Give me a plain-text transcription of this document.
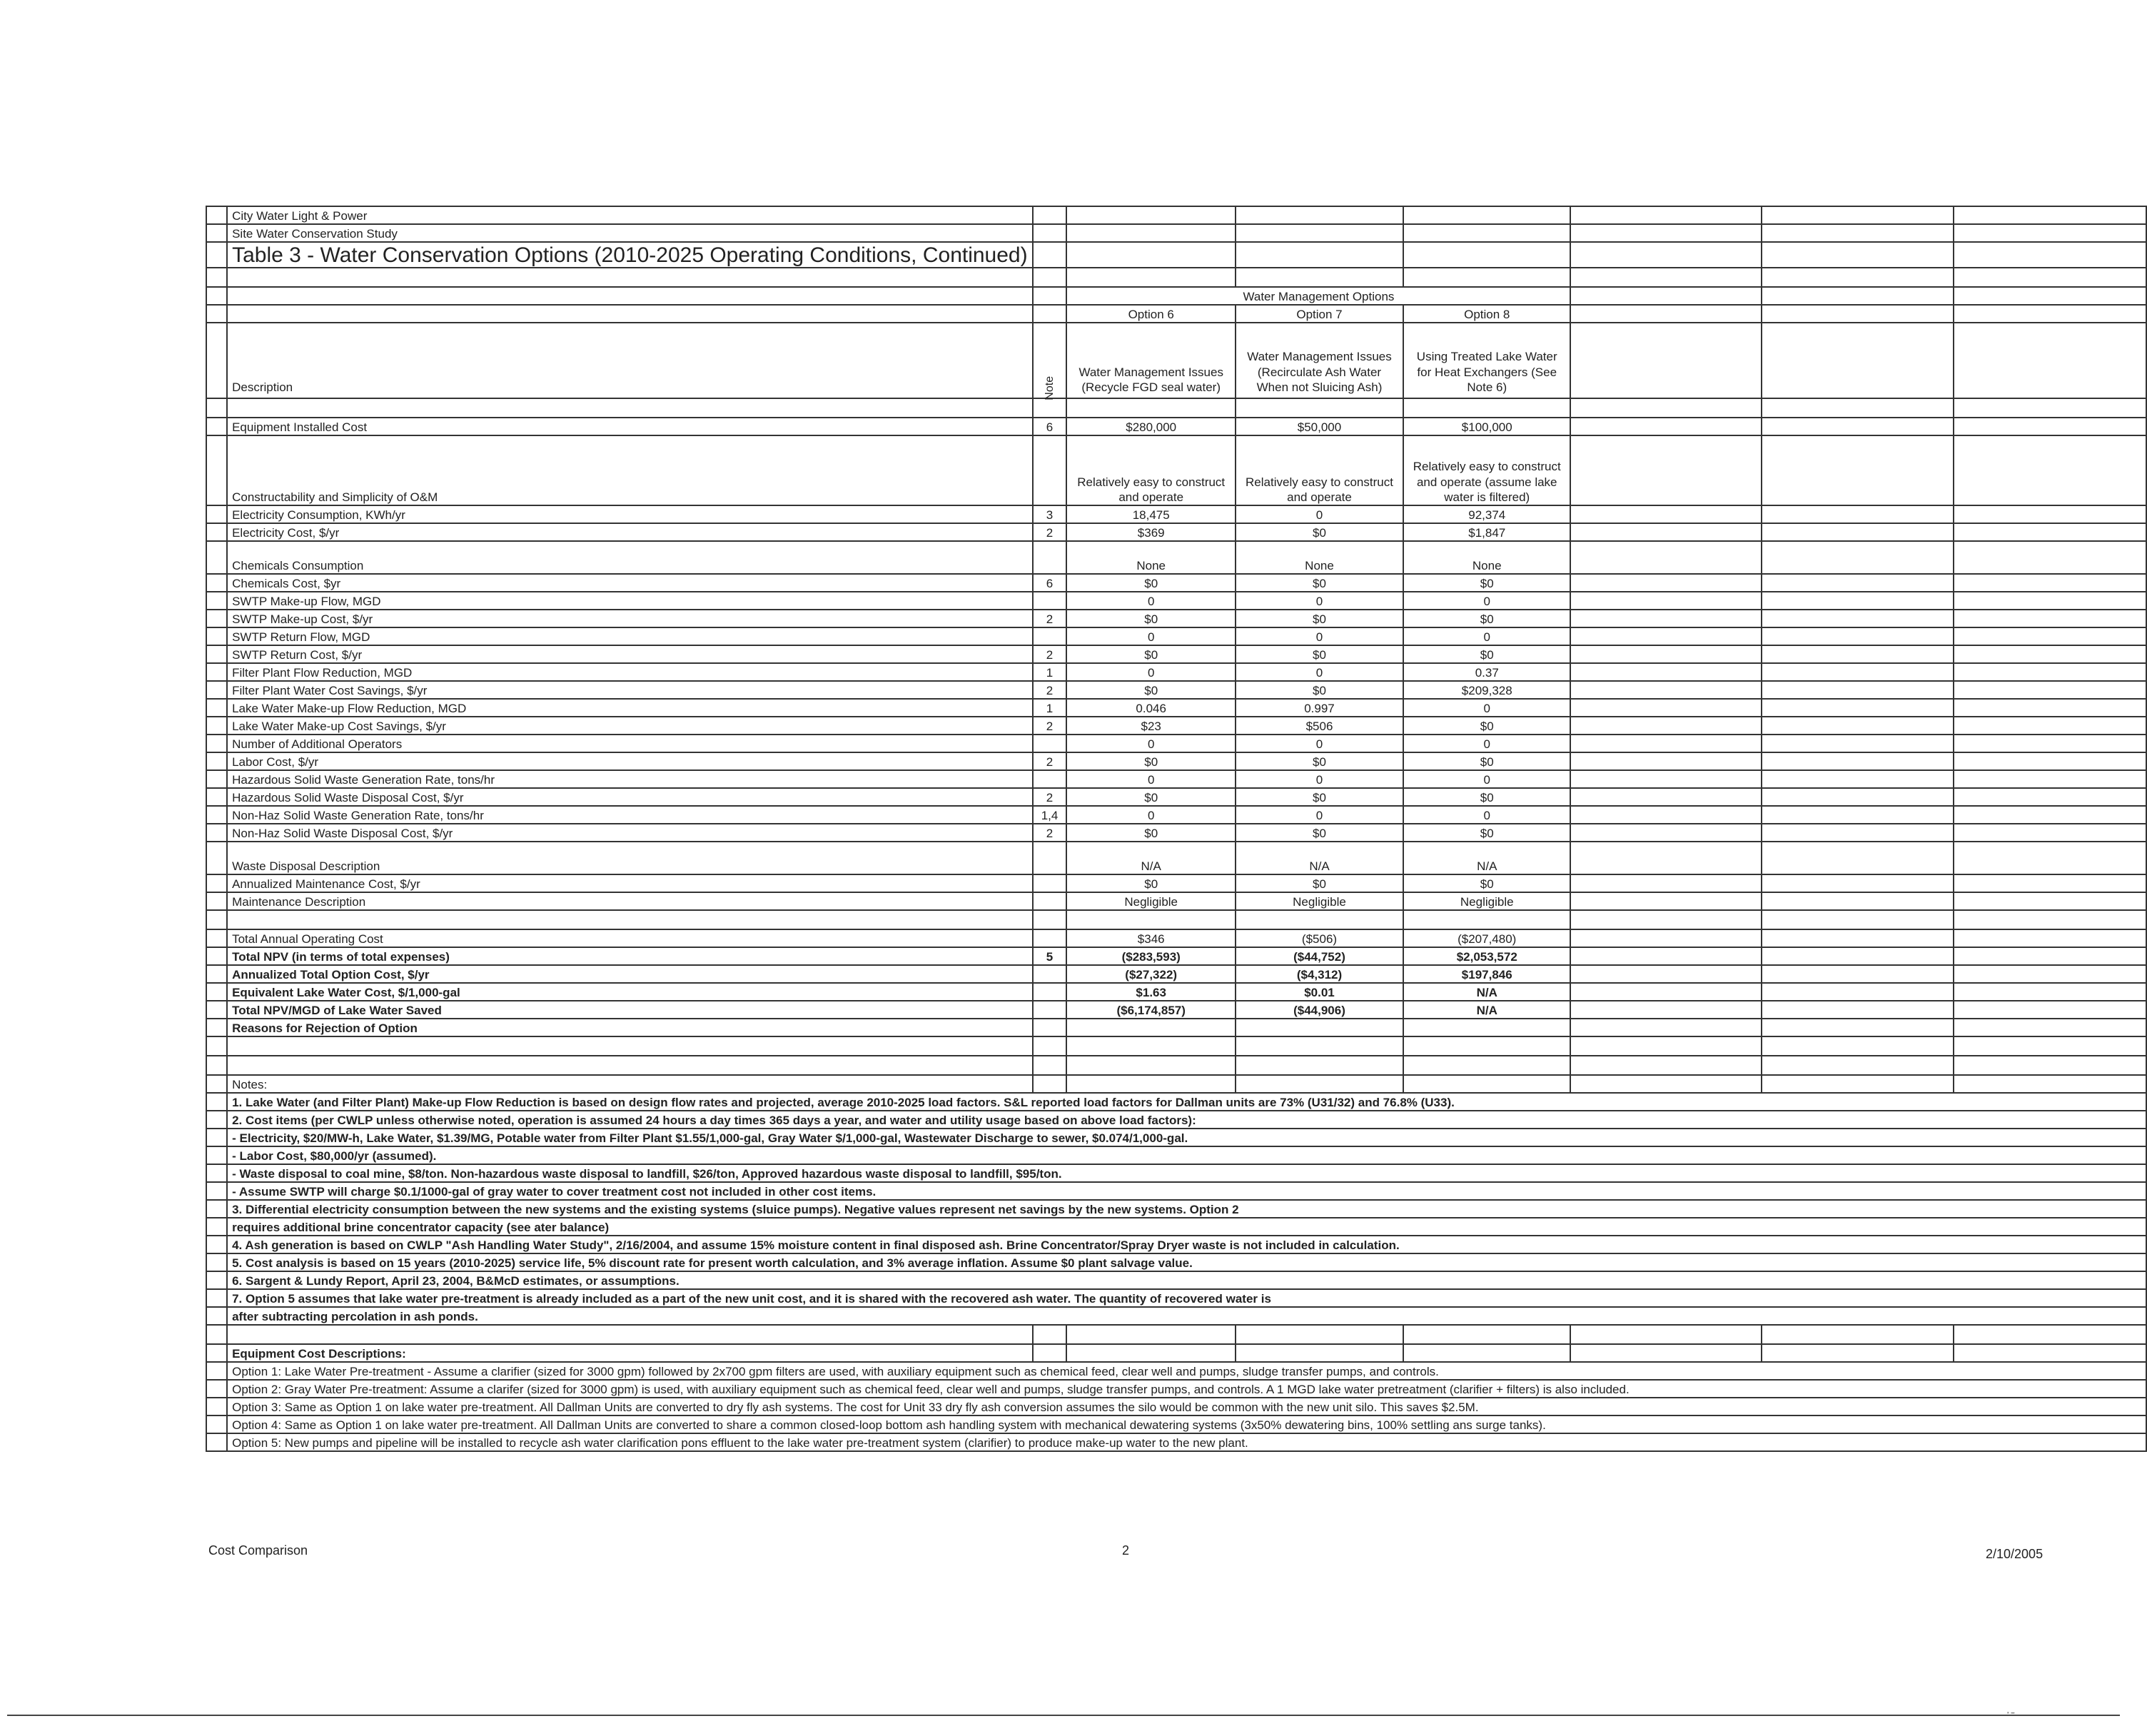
	City Water Light & Power							
	Site Water Conservation Study							
	Table 3 - Water Conservation Options (2010-2025 Operating Conditions, Continued)							

			Water Management Options					
			Option 6	Option 7	Option 8			
	Description	Note	Water Management Issues (Recycle FGD seal water)	Water Management Issues (Recirculate Ash Water When not Sluicing Ash)	Using Treated Lake Water for Heat Exchangers (See Note 6)			

	Equipment Installed Cost	6	$280,000	$50,000	$100,000			
	Constructability and Simplicity of O&M		Relatively easy to construct and operate	Relatively easy to construct and operate	Relatively easy to construct and operate (assume lake water is filtered)			
	Electricity Consumption, KWh/yr	3	18,475	0	92,374			
	Electricity Cost, $/yr	2	$369	$0	$1,847			
	Chemicals Consumption		None	None	None			
	Chemicals Cost, $yr	6	$0	$0	$0			
	SWTP Make-up Flow, MGD		0	0	0			
	SWTP Make-up Cost, $/yr	2	$0	$0	$0			
	SWTP Return Flow, MGD		0	0	0			
	SWTP Return Cost, $/yr	2	$0	$0	$0			
	Filter Plant Flow Reduction, MGD	1	0	0	0.37			
	Filter Plant Water Cost Savings, $/yr	2	$0	$0	$209,328			
	Lake Water Make-up Flow Reduction, MGD	1	0.046	0.997	0			
	Lake Water Make-up Cost Savings, $/yr	2	$23	$506	$0			
	Number of Additional Operators		0	0	0			
	Labor Cost, $/yr	2	$0	$0	$0			
	Hazardous Solid Waste Generation Rate, tons/hr		0	0	0			
	Hazardous Solid Waste Disposal Cost, $/yr	2	$0	$0	$0			
	Non-Haz Solid Waste Generation Rate, tons/hr	1,4	0	0	0			
	Non-Haz Solid Waste Disposal Cost, $/yr	2	$0	$0	$0			
	Waste Disposal Description		N/A	N/A	N/A			
	Annualized Maintenance Cost, $/yr		$0	$0	$0			
	Maintenance Description		Negligible	Negligible	Negligible			

	Total Annual Operating Cost		$346	($506)	($207,480)			
	Total NPV (in terms of total expenses)	5	($283,593)	($44,752)	$2,053,572			
	Annualized Total Option Cost, $/yr		($27,322)	($4,312)	$197,846			
	Equivalent Lake Water Cost, $/1,000-gal		$1.63	$0.01	N/A			
	Total NPV/MGD of Lake Water Saved		($6,174,857)	($44,906)	N/A			
	Reasons for Rejection of Option							

	Notes:							
	1. Lake Water (and Filter Plant) Make-up Flow Reduction is based on design flow rates and projected, average 2010-2025 load factors. S&L reported load factors for Dallman units are 73% (U31/32) and 76.8% (U33).							
	2. Cost items (per CWLP unless otherwise noted, operation is assumed 24 hours a day times 365 days a year, and water and utility usage based on above load factors):							
	- Electricity, $20/MW-h, Lake Water, $1.39/MG, Potable water from Filter Plant $1.55/1,000-gal, Gray Water $/1,000-gal, Wastewater Discharge to sewer, $0.074/1,000-gal.							
	- Labor Cost, $80,000/yr (assumed).							
	- Waste disposal to coal mine, $8/ton. Non-hazardous waste disposal to landfill, $26/ton, Approved hazardous waste disposal to landfill, $95/ton.							
	- Assume SWTP will charge $0.1/1000-gal of gray water to cover treatment cost not included in other cost items.							
	3. Differential electricity consumption between the new systems and the existing systems (sluice pumps). Negative values represent net savings by the new systems. Option 2							
	requires additional brine concentrator capacity (see ater balance)							
	4. Ash generation is based on CWLP "Ash Handling Water Study", 2/16/2004, and assume 15% moisture content in final disposed ash. Brine Concentrator/Spray Dryer waste is not included in calculation.							
	5. Cost analysis is based on 15 years (2010-2025) service life, 5% discount rate for present worth calculation, and 3% average inflation. Assume $0 plant salvage value.							
	6. Sargent & Lundy Report, April 23, 2004, B&McD estimates, or assumptions.							
	7. Option 5 assumes that lake water pre-treatment is already included as a part of the new unit cost, and it is shared with the recovered ash water. The quantity of recovered water is							
	after subtracting percolation in ash ponds.							

	Equipment Cost Descriptions:							
	Option 1: Lake Water Pre-treatment - Assume a clarifier (sized for 3000 gpm) followed by 2x700 gpm filters are used, with auxiliary equipment such as chemical feed, clear well and pumps, sludge transfer pumps, and controls.							
	Option 2: Gray Water Pre-treatment: Assume a clarifer (sized for 3000 gpm) is used, with auxiliary equipment such as chemical feed, clear well and pumps, sludge transfer pumps, and controls. A 1 MGD lake water pretreatment (clarifier + filters) is also included.							
	Option 3: Same as Option 1 on lake water pre-treatment. All Dallman Units are converted to dry fly ash systems. The cost for Unit 33 dry fly ash conversion assumes the silo would be common with the new unit silo. This saves $2.5M.							
	Option 4: Same as Option 1 on lake water pre-treatment. All Dallman Units are converted to share a common closed-loop bottom ash handling system with mechanical dewatering systems (3x50% dewatering bins, 100% settling ans surge tanks).							
	Option 5: New pumps and pipeline will be installed to recycle ash water clarification pons effluent to the lake water pre-treatment system (clarifier) to produce make-up water to the new plant.							
Cost Comparison	2	2/10/2005
·-
